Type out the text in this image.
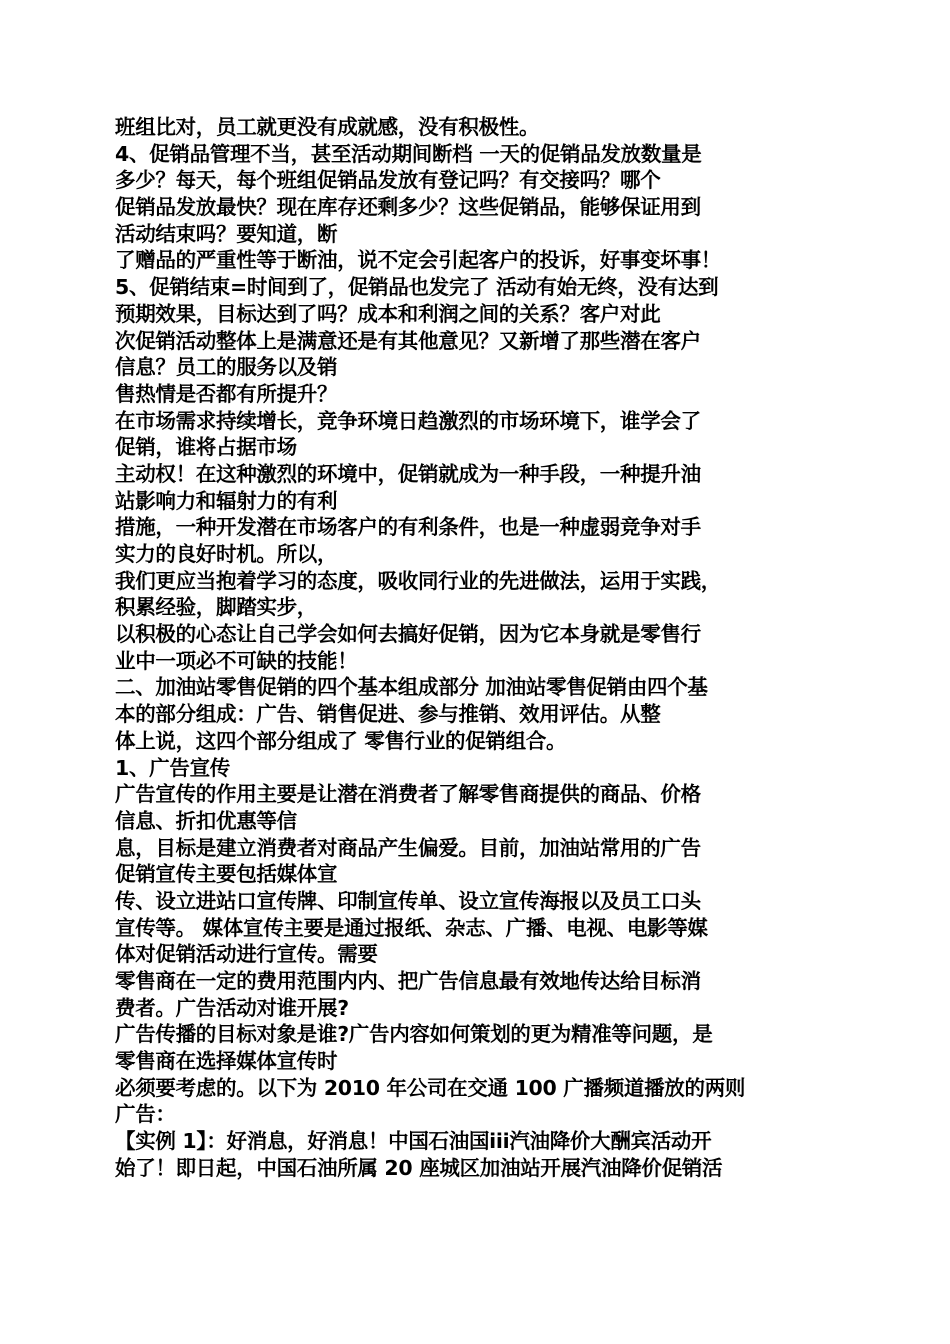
班组比对，员工就更没有成就感，没有积极性。
4、促销品管理不当，甚至活动期间断档 一天的促销品发放数量是
多少？每天，每个班组促销品发放有登记吗？有交接吗？哪个
促销品发放最快？现在库存还剩多少？这些促销品，能够保证用到
活动结束吗？要知道，断
了赠品的严重性等于断油，说不定会引起客户的投诉，好事变坏事！
5、促销结束=时间到了，促销品也发完了 活动有始无终，没有达到
预期效果，目标达到了吗？成本和利润之间的关系？客户对此
次促销活动整体上是满意还是有其他意见？又新增了那些潜在客户
信息？员工的服务以及销
售热情是否都有所提升？
在市场需求持续增长，竞争环境日趋激烈的市场环境下，谁学会了
促销，谁将占据市场
主动权！在这种激烈的环境中，促销就成为一种手段，一种提升油
站影响力和辐射力的有利
措施，一种开发潜在市场客户的有利条件，也是一种虚弱竞争对手
实力的良好时机。所以，
我们更应当抱着学习的态度，吸收同行业的先进做法，运用于实践，
积累经验，脚踏实步，
以积极的心态让自己学会如何去搞好促销，因为它本身就是零售行
业中一项必不可缺的技能！
二、加油站零售促销的四个基本组成部分 加油站零售促销由四个基
本的部分组成：广告、销售促进、参与推销、效用评估。从整
体上说，这四个部分组成了 零售行业的促销组合。
1、广告宣传
广告宣传的作用主要是让潜在消费者了解零售商提供的商品、价格
信息、折扣优惠等信
息，目标是建立消费者对商品产生偏爱。目前，加油站常用的广告
促销宣传主要包括媒体宣
传、设立进站口宣传牌、印制宣传单、设立宣传海报以及员工口头
宣传等。 媒体宣传主要是通过报纸、杂志、广播、电视、电影等媒
体对促销活动进行宣传。需要
零售商在一定的费用范围内内、把广告信息最有效地传达给目标消
费者。广告活动对谁开展?
广告传播的目标对象是谁?广告内容如何策划的更为精准等问题，是
零售商在选择媒体宣传时
必须要考虑的。以下为 2010 年公司在交通 100 广播频道播放的两则
广告：
【实例 1】：好消息，好消息！中国石油国iii汽油降价大酬宾活动开
始了！即日起，中国石油所属 20 座城区加油站开展汽油降价促销活
